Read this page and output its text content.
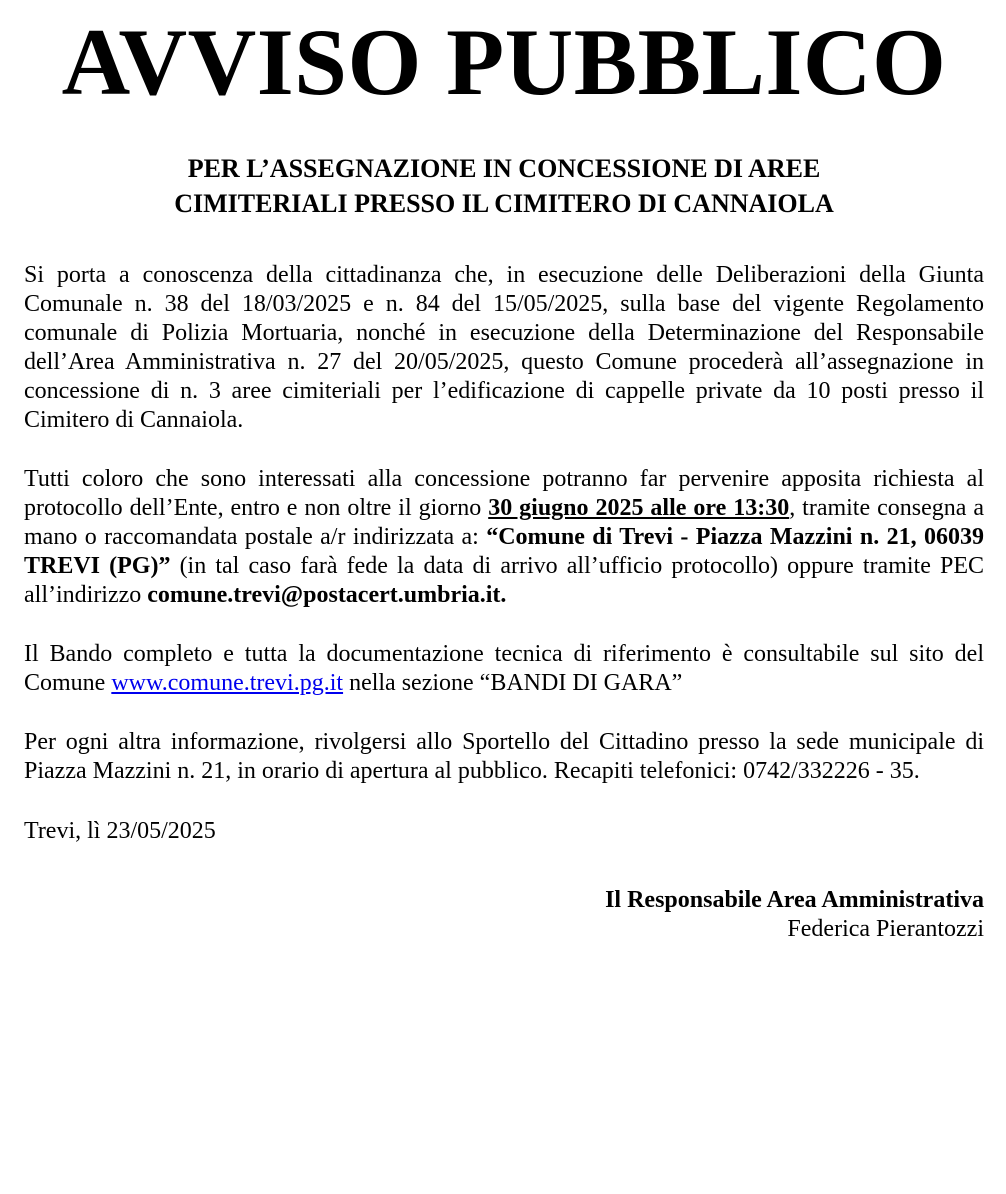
AVVISO PUBBLICO
PER L’ASSEGNAZIONE IN CONCESSIONE DI AREE
CIMITERIALI PRESSO IL CIMITERO DI CANNAIOLA

Si porta a conoscenza della cittadinanza che, in esecuzione delle Deliberazioni della Giunta Comunale n. 38 del 18/03/2025 e n. 84 del 15/05/2025, sulla base del vigente Regolamento comunale di Polizia Mortuaria, nonché in esecuzione della Determinazione del Responsabile dell’Area Amministrativa n. 27 del 20/05/2025, questo Comune procederà all’assegnazione in concessione di n. 3 aree cimiteriali per l’edificazione di cappelle private da 10 posti presso il Cimitero di Cannaiola.

Tutti coloro che sono interessati alla concessione potranno far pervenire apposita richiesta al protocollo dell’Ente, entro e non oltre il giorno 30 giugno 2025 alle ore 13:30, tramite consegna a mano o raccomandata postale a/r indirizzata a: “Comune di Trevi - Piazza Mazzini n. 21, 06039 TREVI (PG)” (in tal caso farà fede la data di arrivo all’ufficio protocollo) oppure tramite PEC all’indirizzo comune.trevi@postacert.umbria.it.

Il Bando completo e tutta la documentazione tecnica di riferimento è consultabile sul sito del Comune www.comune.trevi.pg.it nella sezione “BANDI DI GARA”

Per ogni altra informazione, rivolgersi allo Sportello del Cittadino presso la sede municipale di Piazza Mazzini n. 21, in orario di apertura al pubblico. Recapiti telefonici: 0742/332226 - 35.

Trevi, lì 23/05/2025

Il Responsabile Area Amministrativa
Federica Pierantozzi
